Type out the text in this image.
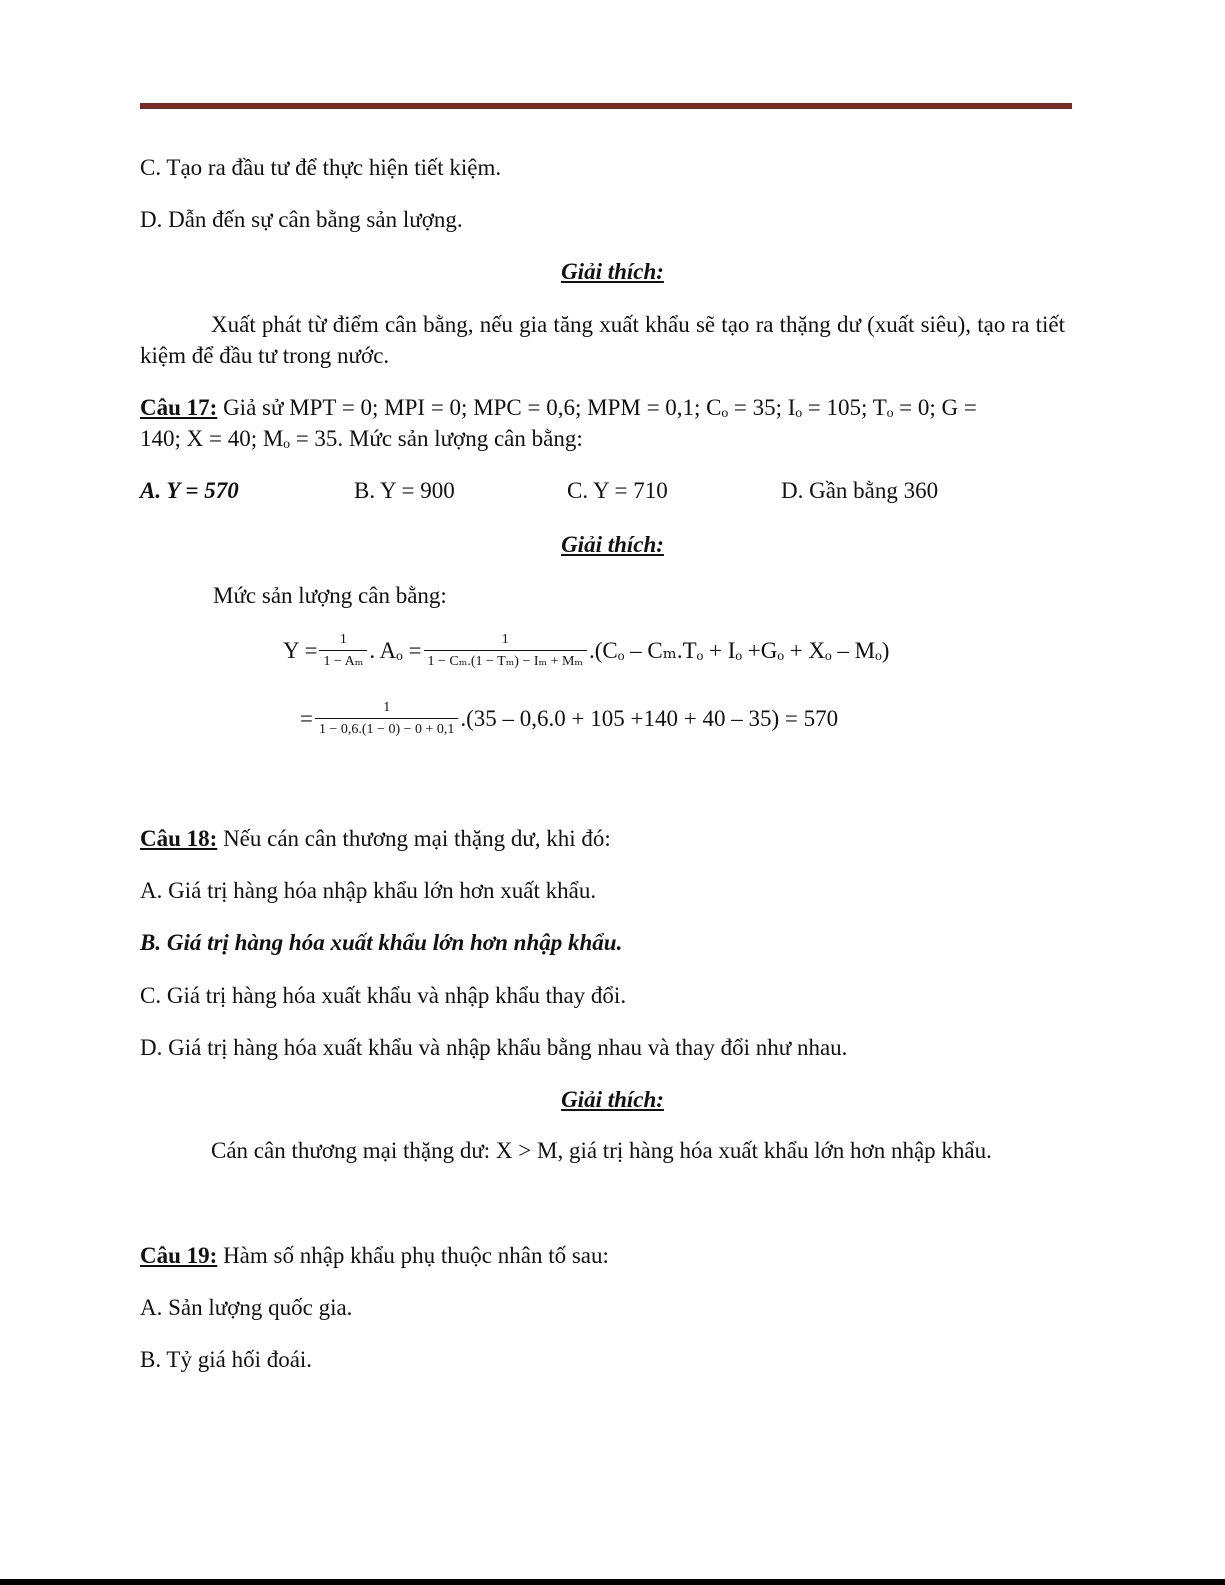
C. Tạo ra đầu tư để thực hiện tiết kiệm.
D. Dẫn đến sự cân bằng sản lượng.
Giải thích:
Xuất phát từ điểm cân bằng, nếu gia tăng xuất khẩu sẽ tạo ra thặng dư (xuất siêu), tạo ra tiết kiệm để đầu tư trong nước.
Câu 17: Giả sử MPT = 0; MPI = 0; MPC = 0,6; MPM = 0,1; Cₒ = 35; Iₒ = 105; Tₒ = 0; G =
140; X = 40; Mₒ = 35. Mức sản lượng cân bằng:
A. Y = 570	B. Y = 900	C. Y = 710	D. Gần bằng 360
Giải thích:
Mức sản lượng cân bằng:
$Y = \frac{1}{\text{1 − Aₘ}}$ . $A_o = \frac{1}{\text{1 − Cₘ.(1 − Tₘ) − Iₘ + Mₘ}} .(C_o - C_m.T_o + I_o +G_o + X_o - M_o)$
= $\frac{1}{1 - 0,6.(1 - 0) - 0 + 0,1} .(35 - 0,6.0 + 105 +140 + 40 - 35) = 570$
Câu 18: Nếu cán cân thương mại thặng dư, khi đó:
A. Giá trị hàng hóa nhập khẩu lớn hơn xuất khẩu.
B. Giá trị hàng hóa xuất khẩu lớn hơn nhập khẩu.
C. Giá trị hàng hóa xuất khẩu và nhập khẩu thay đổi.
D. Giá trị hàng hóa xuất khẩu và nhập khẩu bằng nhau và thay đổi như nhau.
Giải thích:
Cán cân thương mại thặng dư: X > M, giá trị hàng hóa xuất khẩu lớn hơn nhập khẩu.
Câu 19: Hàm số nhập khẩu phụ thuộc nhân tố sau:
A. Sản lượng quốc gia.
B. Tỷ giá hối đoái.
